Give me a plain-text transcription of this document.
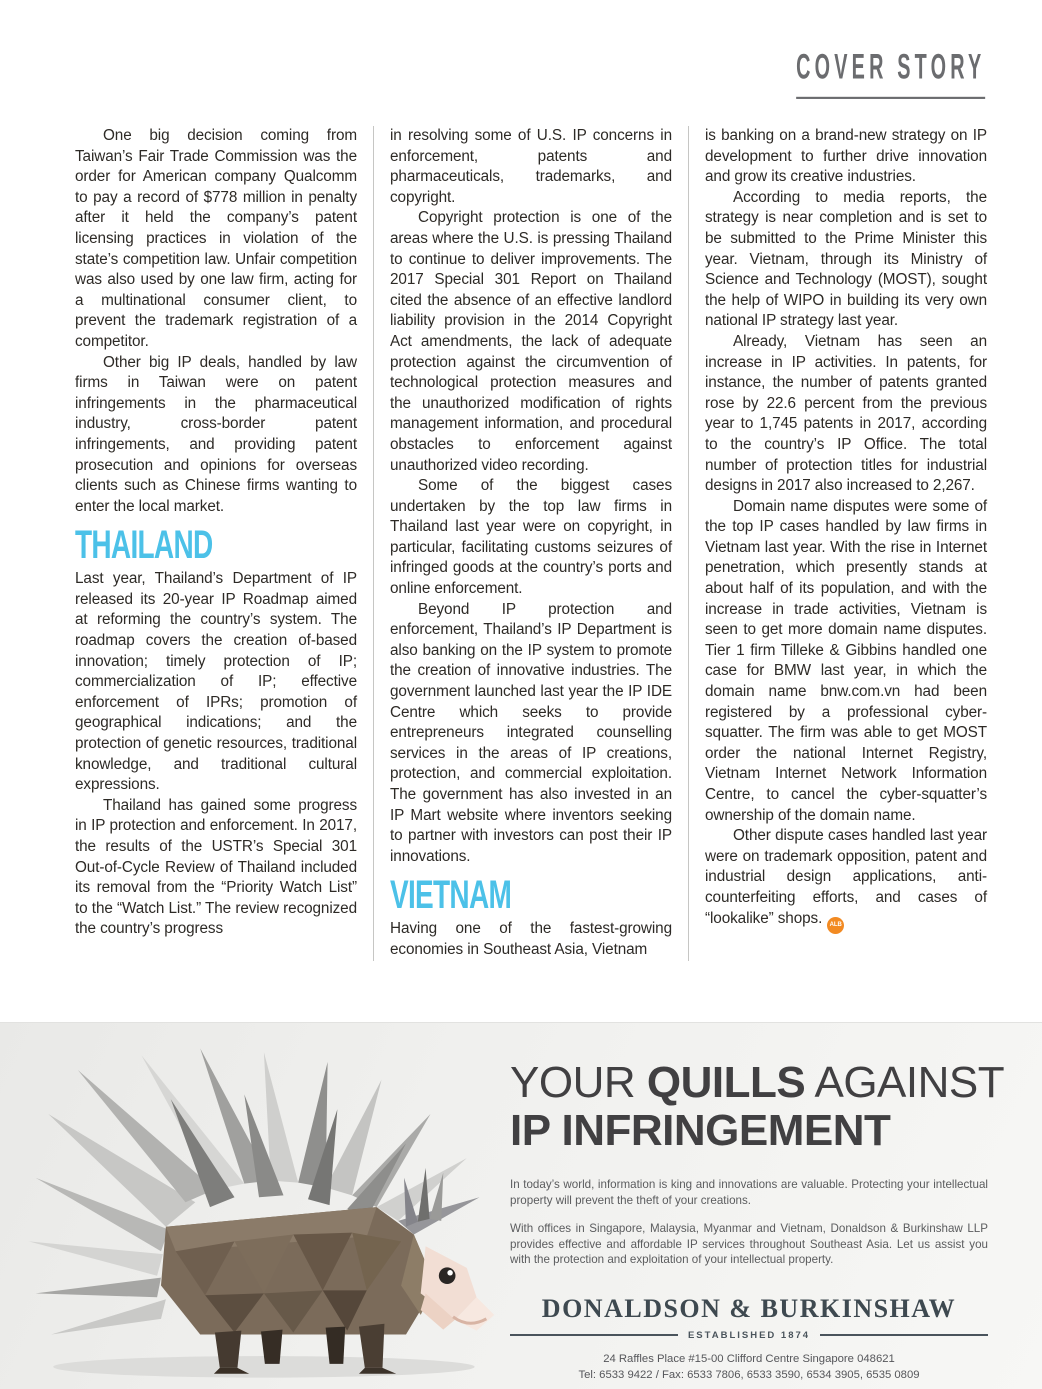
COVER STORY

One big decision coming from Taiwan’s Fair Trade Commission was the order for American company Qualcomm to pay a record of $778 million in penalty after it held the company’s patent licensing practices in violation of the state’s competition law. Unfair competition was also used by one law firm, acting for a multinational consumer client, to prevent the trademark registration of a competitor.

Other big IP deals, handled by law firms in Taiwan were on patent infringements in the pharmaceutical industry, cross-border patent infringements, and providing patent prosecution and opinions for overseas clients such as Chinese firms wanting to enter the local market.

THAILAND

Last year, Thailand’s Department of IP released its 20-year IP Roadmap aimed at reforming the country’s system. The roadmap covers the creation of-based innovation; timely protection of IP; commercialization of IP; effective enforcement of IPRs; promotion of geographical indications; and the protection of genetic resources, traditional knowledge, and traditional cultural expressions.

Thailand has gained some progress in IP protection and enforcement. In 2017, the results of the USTR’s Special 301 Out-of-Cycle Review of Thailand included its removal from the “Priority Watch List” to the “Watch List.” The review recognized the country’s progress

in resolving some of U.S. IP concerns in enforcement, patents and pharmaceuticals, trademarks, and copyright.

Copyright protection is one of the areas where the U.S. is pressing Thailand to continue to deliver improvements. The 2017 Special 301 Report on Thailand cited the absence of an effective landlord liability provision in the 2014 Copyright Act amendments, the lack of adequate protection against the circumvention of technological protection measures and the unauthorized modification of rights management information, and procedural obstacles to enforcement against unauthorized video recording.

Some of the biggest cases undertaken by the top law firms in Thailand last year were on copyright, in particular, facilitating customs seizures of infringed goods at the country’s ports and online enforcement.

Beyond IP protection and enforcement, Thailand’s IP Department is also banking on the IP system to promote the creation of innovative industries. The government launched last year the IP IDE Centre which seeks to provide entrepreneurs integrated counselling services in the areas of IP creations, protection, and commercial exploitation. The government has also invested in an IP Mart website where inventors seeking to partner with investors can post their IP innovations.

VIETNAM

Having one of the fastest-growing economies in Southeast Asia, Vietnam

is banking on a brand-new strategy on IP development to further drive innovation and grow its creative industries.

According to media reports, the strategy is near completion and is set to be submitted to the Prime Minister this year. Vietnam, through its Ministry of Science and Technology (MOST), sought the help of WIPO in building its very own national IP strategy last year.

Already, Vietnam has seen an increase in IP activities. In patents, for instance, the number of patents granted rose by 22.6 percent from the previous year to 1,745 patents in 2017, according to the country’s IP Office. The total number of protection titles for industrial designs in 2017 also increased to 2,267.

Domain name disputes were some of the top IP cases handled by law firms in Vietnam last year. With the rise in Internet penetration, which presently stands at about half of its population, and with the increase in trade activities, Vietnam is seen to get more domain name disputes. Tier 1 firm Tilleke & Gibbins handled one case for BMW last year, in which the domain name bnw.com.vn had been registered by a professional cyber-squatter. The firm was able to get MOST order the national Internet Registry, Vietnam Internet Network Information Centre, to cancel the cyber-squatter’s ownership of the domain name.

Other dispute cases handled last year were on trademark opposition, patent and industrial design applications, anti-counterfeiting efforts, and cases of “lookalike” shops. ALB

YOUR QUILLS AGAINST
IP INFRINGEMENT

In today’s world, information is king and innovations are valuable. Protecting your intellectual property will prevent the theft of your creations.

With offices in Singapore, Malaysia, Myanmar and Vietnam, Donaldson & Burkinshaw LLP provides effective and affordable IP services throughout Southeast Asia. Let us assist you with the protection and exploitation of your intellectual property.

DONALDSON & BURKINSHAW
ESTABLISHED 1874
24 Raffles Place #15-00 Clifford Centre Singapore 048621
Tel: 6533 9422 / Fax: 6533 7806, 6533 3590, 6534 3905, 6535 0809
